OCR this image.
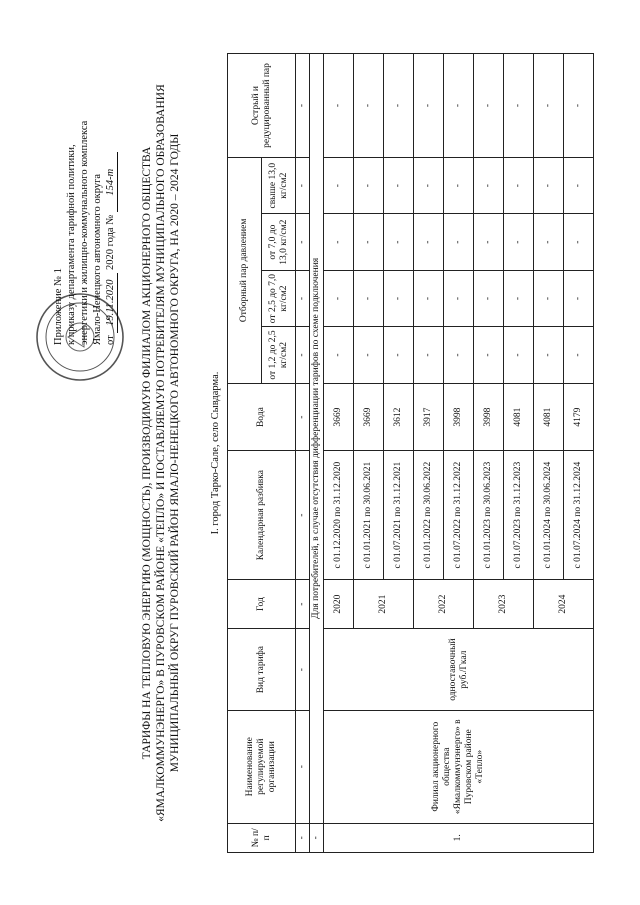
Приложение № 1 к приказу департамента тарифной политики, энергетики и жилищно-коммунального комплекса Ямало-Ненецкого автономного округа от 19.11.2020 2020 года № 154-т ТАРИФЫ НА ТЕПЛОВУЮ ЭНЕРГИЮ (МОЩНОСТЬ), ПРОИЗВОДИМУЮ ФИЛИАЛОМ АКЦИОНЕРНОГО ОБЩЕСТВА «ЯМАЛКОММУНЭНЕРГО» В ПУРОВСКОМ РАЙОНЕ «ТЕПЛО» И ПОСТАВЛЯЕМУЮ ПОТРЕБИТЕЛЯМ МУНИЦИПАЛЬНОГО ОБРАЗОВАНИЯ МУНИЦИПАЛЬНЫЙ ОКРУГ ПУРОВСКИЙ РАЙОН ЯМАЛО-НЕНЕЦКОГО АВТОНОМНОГО ОКРУГА, НА 2020 – 2024 ГОДЫ	I. город Тарко-Сале, село Сывдарма.
№ п/п	Наименование регулируемой организации	Вид тарифа	Год	Календарная разбивка	Вода	Отборный пар давлением				Острый и редуцированный пар
						от 1,2 до 2,5 кг/см2	от 2,5 до 7,0 кг/см2	от 7,0 до 13,0 кг/см2	свыше 13,0 кг/см2	
-	-	-	-	-	-	-	-	-	-	-
-	Для потребителей, в случае отсутствия дифференциации тарифов по схеме подключения									
1.	Филиал акционерного общества «Ямалкоммунэнерго» в Пуровском районе «Тепло»	одноставочный руб./Гкал	2020	с 01.12.2020 по 31.12.2020	3669	-	-	-	-	-
			2021	с 01.01.2021 по 30.06.2021	3669	-	-	-	-	-
				с 01.07.2021 по 31.12.2021	3612	-	-	-	-	-
			2022	с 01.01.2022 по 30.06.2022	3917	-	-	-	-	-
				с 01.07.2022 по 31.12.2022	3998	-	-	-	-	-
			2023	с 01.01.2023 по 30.06.2023	3998	-	-	-	-	-
				с 01.07.2023 по 31.12.2023	4081	-	-	-	-	-
			2024	с 01.01.2024 по 30.06.2024	4081	-	-	-	-	-
				с 01.07.2024 по 31.12.2024	4179	-	-	-	-	-
